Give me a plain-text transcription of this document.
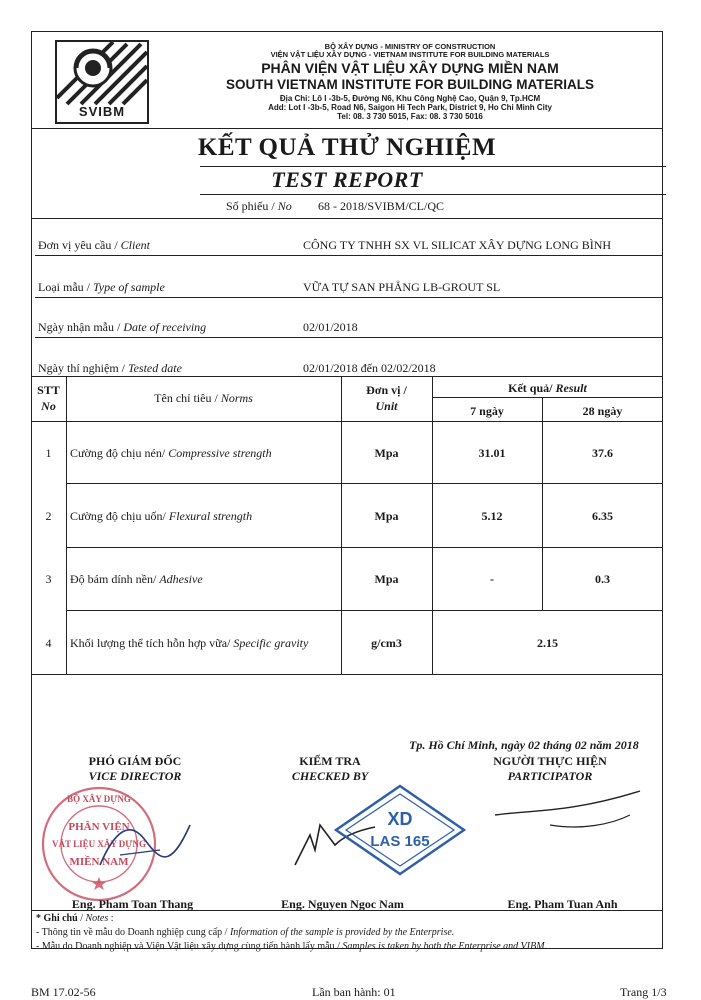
SVIBM
BỘ XÂY DỰNG - MINISTRY OF CONSTRUCTION
VIỆN VẬT LIỆU XÂY DỰNG - VIETNAM INSTITUTE FOR BUILDING MATERIALS
PHÂN VIỆN VẬT LIỆU XÂY DỰNG MIỀN NAM
SOUTH VIETNAM INSTITUTE FOR BUILDING MATERIALS
Địa Chỉ: Lô I -3b-5, Đường N6, Khu Công Nghệ Cao, Quận 9, Tp.HCM
Add: Lot I -3b-5, Road N6, Saigon Hi Tech Park, District 9, Ho Chi Minh City
Tel: 08. 3 730 5015, Fax: 08. 3 730 5016
KẾT QUẢ THỬ NGHIỆM
TEST REPORT
Số phiếu / No 68 - 2018/SVIBM/CL/QC
Đơn vị yêu cầu / Client	CÔNG TY TNHH SX VL SILICAT XÂY DỰNG LONG BÌNH
Loại mẫu / Type of sample	VỮA TỰ SAN PHẲNG LB-GROUT SL
Ngày nhận mẫu / Date of receiving	02/01/2018
Ngày thí nghiệm / Tested date	02/01/2018 đến 02/02/2018
STT
No
Tên chỉ tiêu / Norms
Đơn vị /
Unit
Kết quả/ Result
7 ngày	28 ngày
1	Cường độ chịu nén/ Compressive strength	Mpa	31.01	37.6
2	Cường độ chịu uốn/ Flexural strength	Mpa	5.12	6.35
3	Độ bám dính nền/ Adhesive	Mpa	-	0.3
4	Khối lượng thể tích hỗn hợp vữa/ Specific gravity	g/cm3	2.15
Tp. Hồ Chí Minh, ngày 02 tháng 02 năm 2018
PHÓ GIÁM ĐỐC
VICE DIRECTOR
KIỂM TRA
CHECKED BY
NGƯỜI THỰC HIỆN
PARTICIPATOR
BỘ XÂY DỰNG
PHÂN VIỆN
VẬT LIỆU XÂY DỰNG
MIỀN NAM
XD
LAS 165
Eng. Pham Toan Thang	Eng. Nguyen Ngoc Nam	Eng. Pham Tuan Anh
* Ghi chú / Notes :
- Thông tin về mẫu do Doanh nghiệp cung cấp / Information of the sample is provided by the Enterprise.
- Mẫu do Doanh nghiệp và Viện Vật liệu xây dựng cùng tiến hành lấy mẫu / Samples is taken by both the Enterprise and VIBM.
BM 17.02-56	Lần ban hành: 01	Trang 1/3
